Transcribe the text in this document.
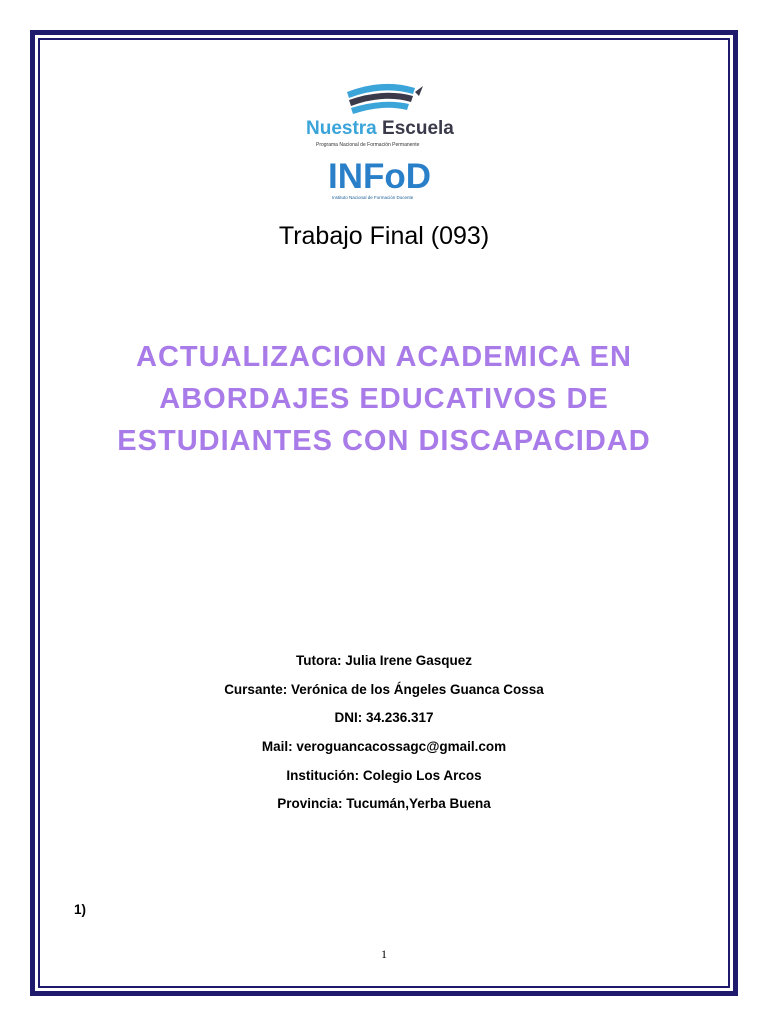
Nuestra Escuela
Programa Nacional de Formación Permanente
INFoD
Instituto Nacional de Formación Docente
Trabajo Final (093)
ACTUALIZACION ACADEMICA EN
ABORDAJES EDUCATIVOS DE
ESTUDIANTES CON DISCAPACIDAD
Tutora: Julia Irene Gasquez
Cursante: Verónica de los Ángeles Guanca Cossa
DNI: 34.236.317
Mail: veroguancacossagc@gmail.com
Institución: Colegio Los Arcos
Provincia: Tucumán,Yerba Buena
1)
1
